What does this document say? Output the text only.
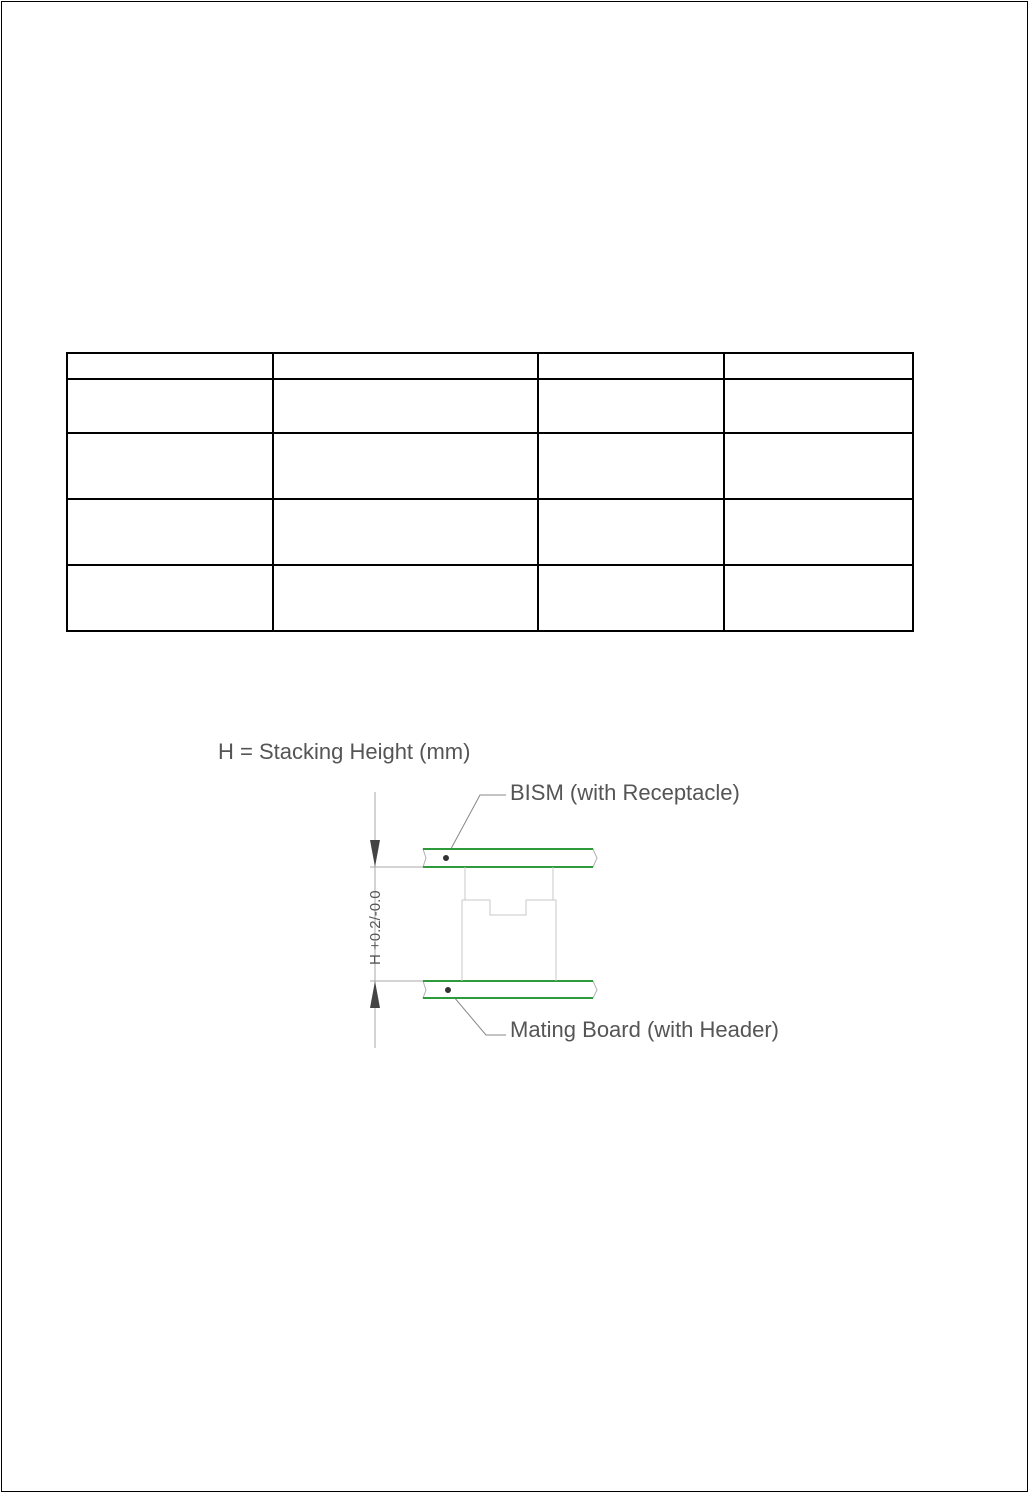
H = Stacking Height (mm)
BISM (with Receptacle)
Mating Board (with Header)
H +0.2/-0.0
